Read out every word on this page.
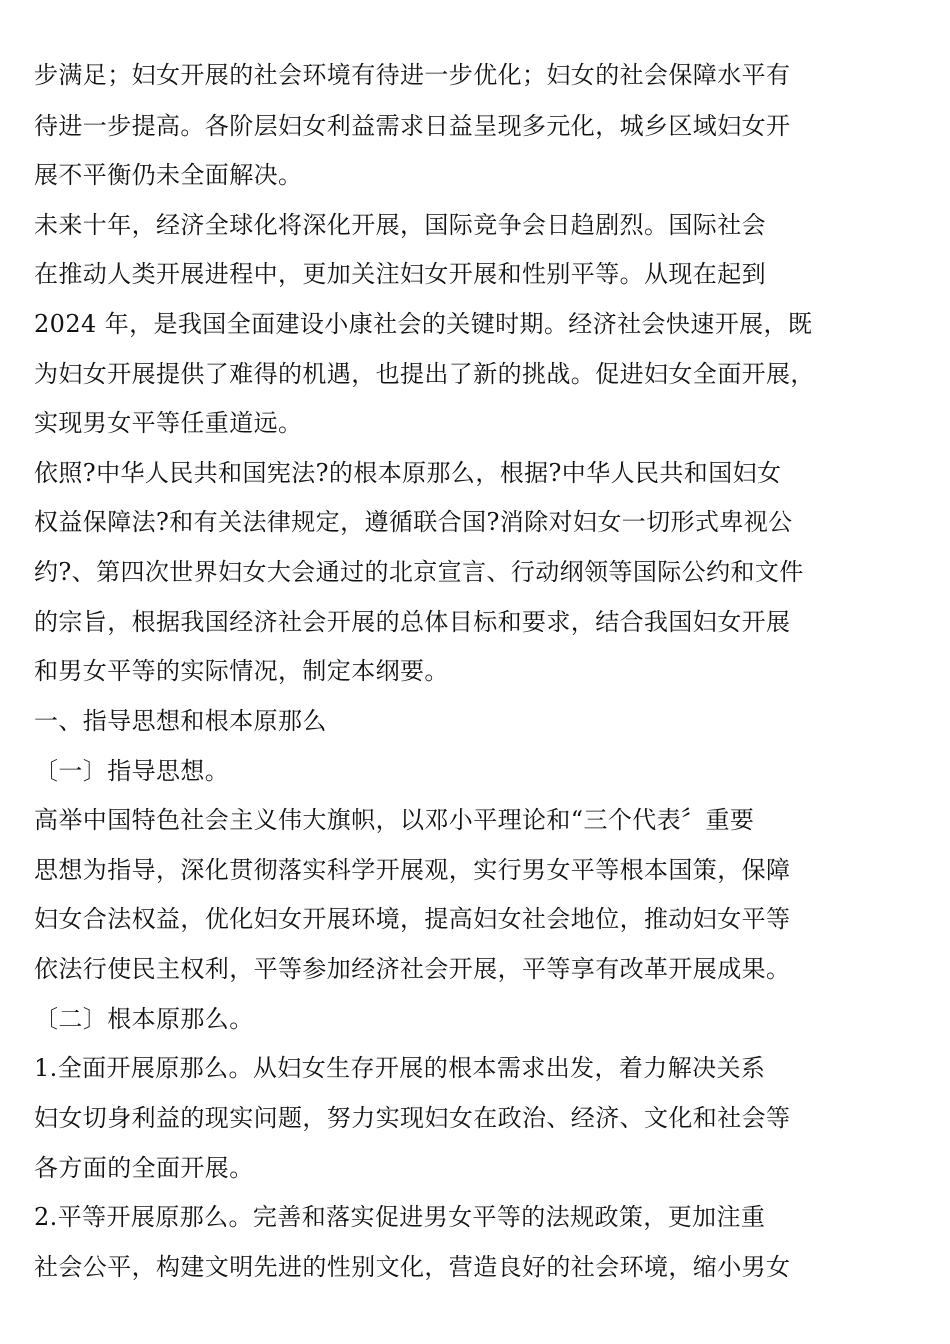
步满足；妇女开展的社会环境有待进一步优化；妇女的社会保障水平有
待进一步提高。各阶层妇女利益需求日益呈现多元化，城乡区域妇女开
展不平衡仍未全面解决。
未来十年，经济全球化将深化开展，国际竞争会日趋剧烈。国际社会
在推动人类开展进程中，更加关注妇女开展和性别平等。从现在起到
2024 年，是我国全面建设小康社会的关键时期。经济社会快速开展，既
为妇女开展提供了难得的机遇，也提出了新的挑战。促进妇女全面开展，
实现男女平等任重道远。
依照?中华人民共和国宪法?的根本原那么，根据?中华人民共和国妇女
权益保障法?和有关法律规定，遵循联合国?消除对妇女一切形式卑视公
约?、第四次世界妇女大会通过的北京宣言、行动纲领等国际公约和文件
的宗旨，根据我国经济社会开展的总体目标和要求，结合我国妇女开展
和男女平等的实际情况，制定本纲要。
一、指导思想和根本原那么
〔一〕指导思想。
高举中国特色社会主义伟大旗帜，以邓小平理论和“三个代表〞重要
思想为指导，深化贯彻落实科学开展观，实行男女平等根本国策，保障
妇女合法权益，优化妇女开展环境，提高妇女社会地位，推动妇女平等
依法行使民主权利，平等参加经济社会开展，平等享有改革开展成果。
〔二〕根本原那么。
1.全面开展原那么。从妇女生存开展的根本需求出发，着力解决关系
妇女切身利益的现实问题，努力实现妇女在政治、经济、文化和社会等
各方面的全面开展。
2.平等开展原那么。完善和落实促进男女平等的法规政策，更加注重
社会公平，构建文明先进的性别文化，营造良好的社会环境，缩小男女
